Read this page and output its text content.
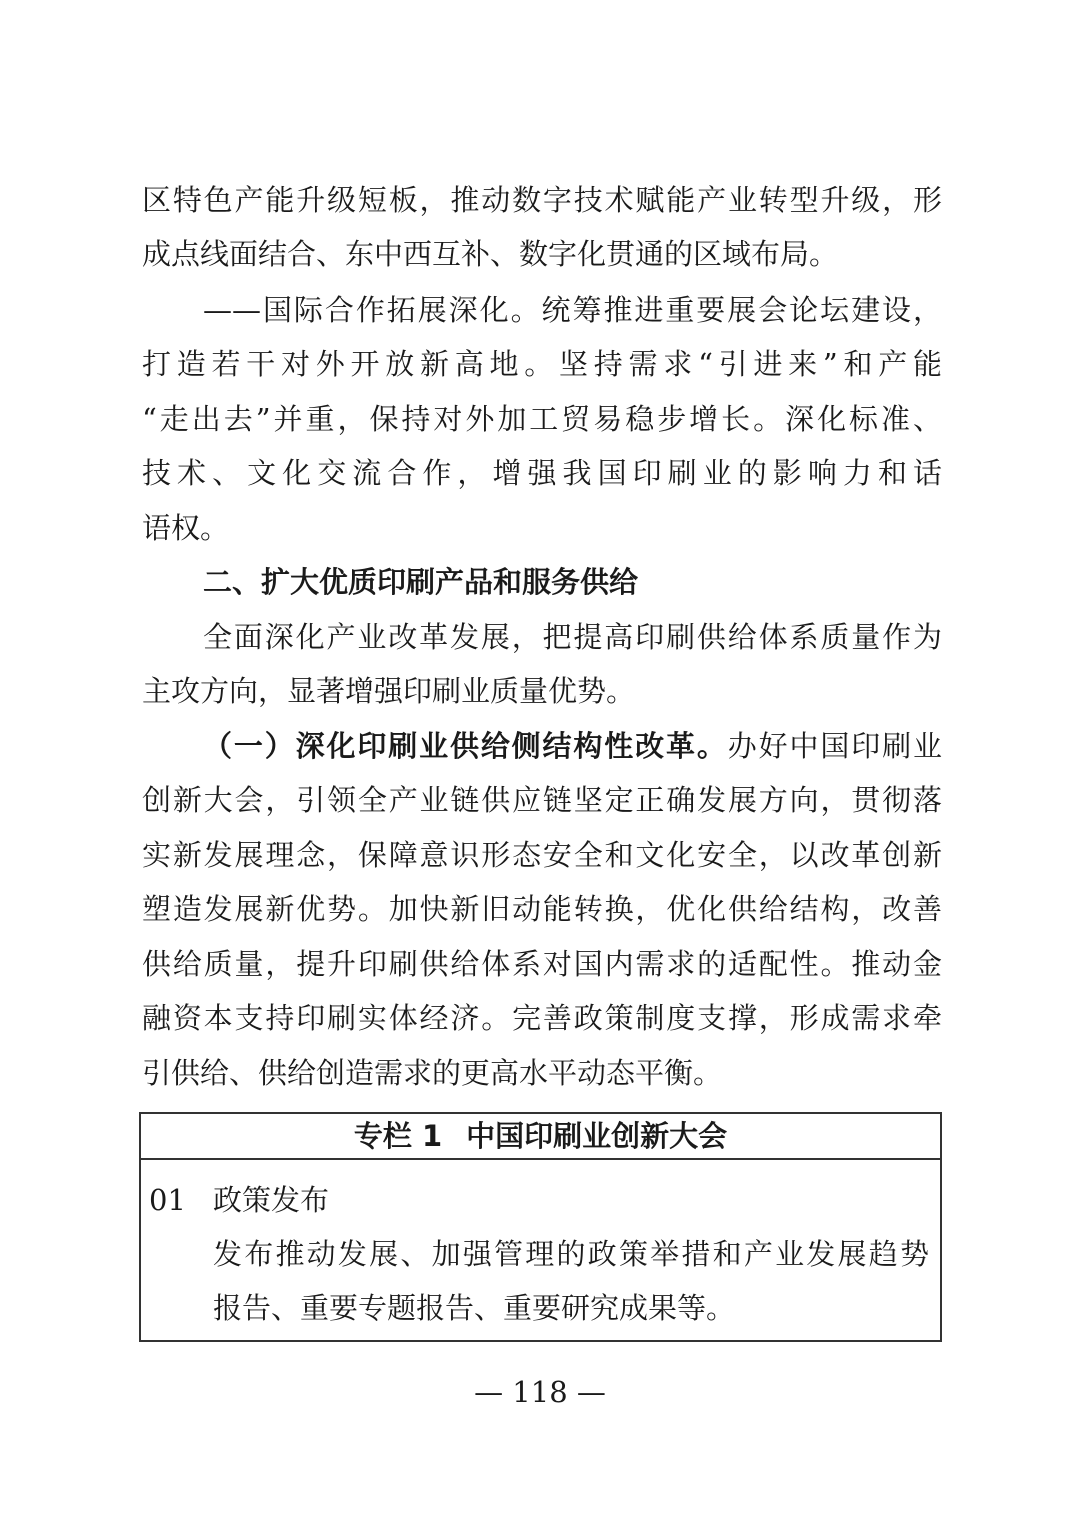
区特色产能升级短板，推动数字技术赋能产业转型升级，形
成点线面结合、东中西互补、数字化贯通的区域布局。
——国际合作拓展深化。统筹推进重要展会论坛建设，
打造若干对外开放新高地。坚持需求“引进来”和产能
“走出去”并重，保持对外加工贸易稳步增长。深化标准、
技术、文化交流合作，增强我国印刷业的影响力和话
语权。
二、扩大优质印刷产品和服务供给
全面深化产业改革发展，把提高印刷供给体系质量作为
主攻方向，显著增强印刷业质量优势。
（一）深化印刷业供给侧结构性改革。办好中国印刷业
创新大会，引领全产业链供应链坚定正确发展方向，贯彻落
实新发展理念，保障意识形态安全和文化安全，以改革创新
塑造发展新优势。加快新旧动能转换，优化供给结构，改善
供给质量，提升印刷供给体系对国内需求的适配性。推动金
融资本支持印刷实体经济。完善政策制度支撑，形成需求牵
引供给、供给创造需求的更高水平动态平衡。
专栏 1 中国印刷业创新大会
01 政策发布
发布推动发展、加强管理的政策举措和产业发展趋势
报告、重要专题报告、重要研究成果等。
— 118 —
